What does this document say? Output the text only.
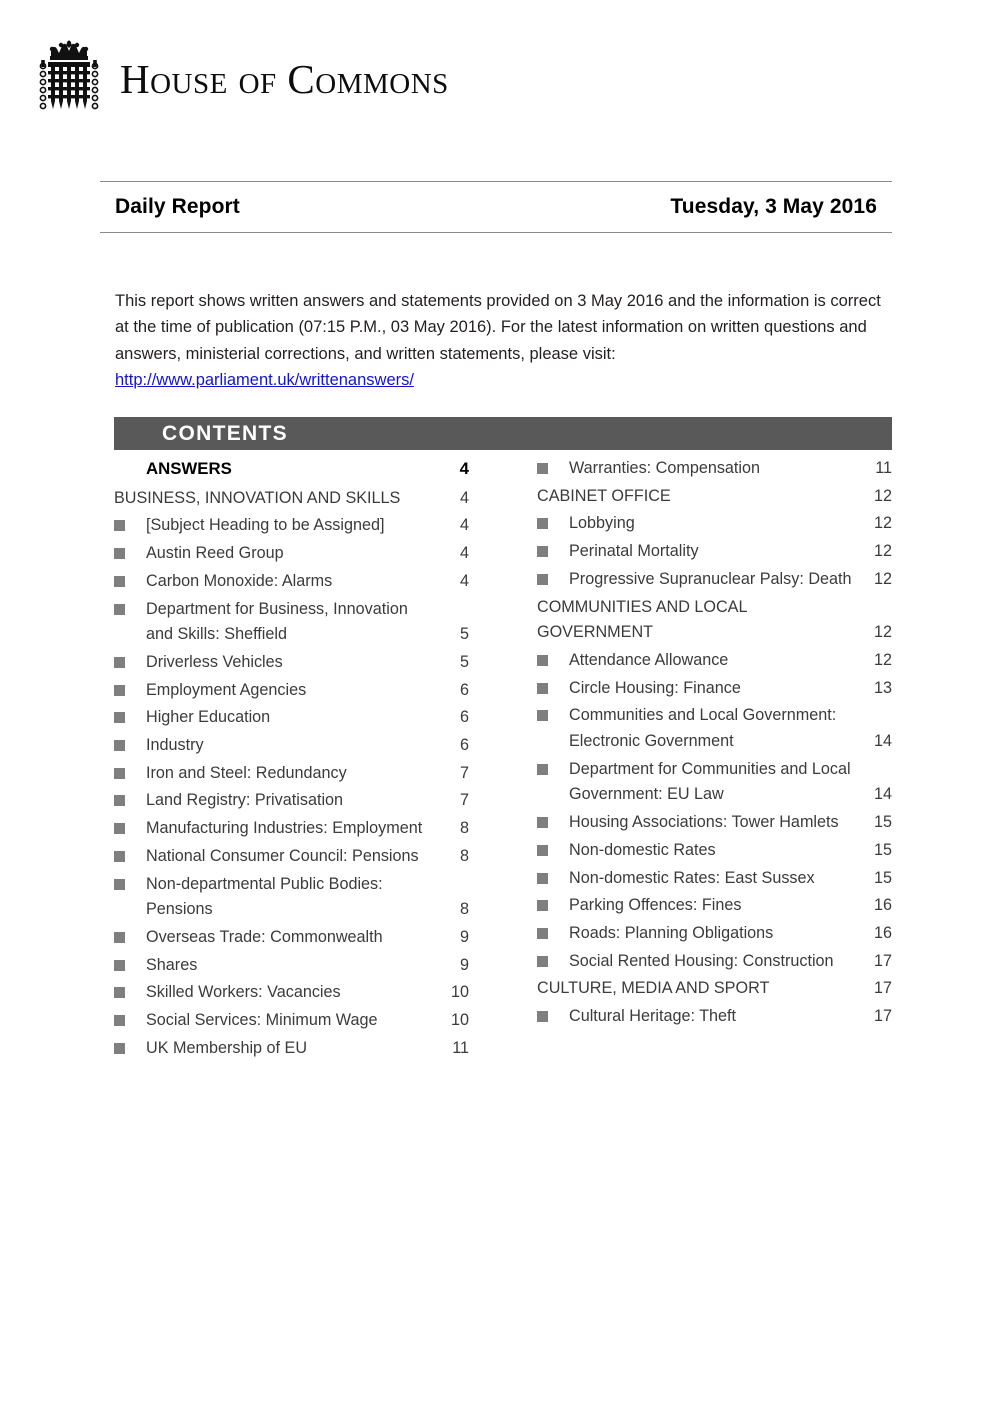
HOUSE OF COMMONS
Daily Report	Tuesday, 3 May 2016
This report shows written answers and statements provided on 3 May 2016 and the information is correct at the time of publication (07:15 P.M., 03 May 2016). For the latest information on written questions and answers, ministerial corrections, and written statements, please visit: http://www.parliament.uk/writtenanswers/
CONTENTS
ANSWERS	4
BUSINESS, INNOVATION AND SKILLS	4
[Subject Heading to be Assigned]	4
Austin Reed Group	4
Carbon Monoxide: Alarms	4
Department for Business, Innovation and Skills: Sheffield	5
Driverless Vehicles	5
Employment Agencies	6
Higher Education	6
Industry	6
Iron and Steel: Redundancy	7
Land Registry: Privatisation	7
Manufacturing Industries: Employment	8
National Consumer Council: Pensions	8
Non-departmental Public Bodies: Pensions	8
Overseas Trade: Commonwealth	9
Shares	9
Skilled Workers: Vacancies	10
Social Services: Minimum Wage	10
UK Membership of EU	11
Warranties: Compensation	11
CABINET OFFICE	12
Lobbying	12
Perinatal Mortality	12
Progressive Supranuclear Palsy: Death	12
COMMUNITIES AND LOCAL GOVERNMENT	12
Attendance Allowance	12
Circle Housing: Finance	13
Communities and Local Government: Electronic Government	14
Department for Communities and Local Government: EU Law	14
Housing Associations: Tower Hamlets	15
Non-domestic Rates	15
Non-domestic Rates: East Sussex	15
Parking Offences: Fines	16
Roads: Planning Obligations	16
Social Rented Housing: Construction	17
CULTURE, MEDIA AND SPORT	17
Cultural Heritage: Theft	17
